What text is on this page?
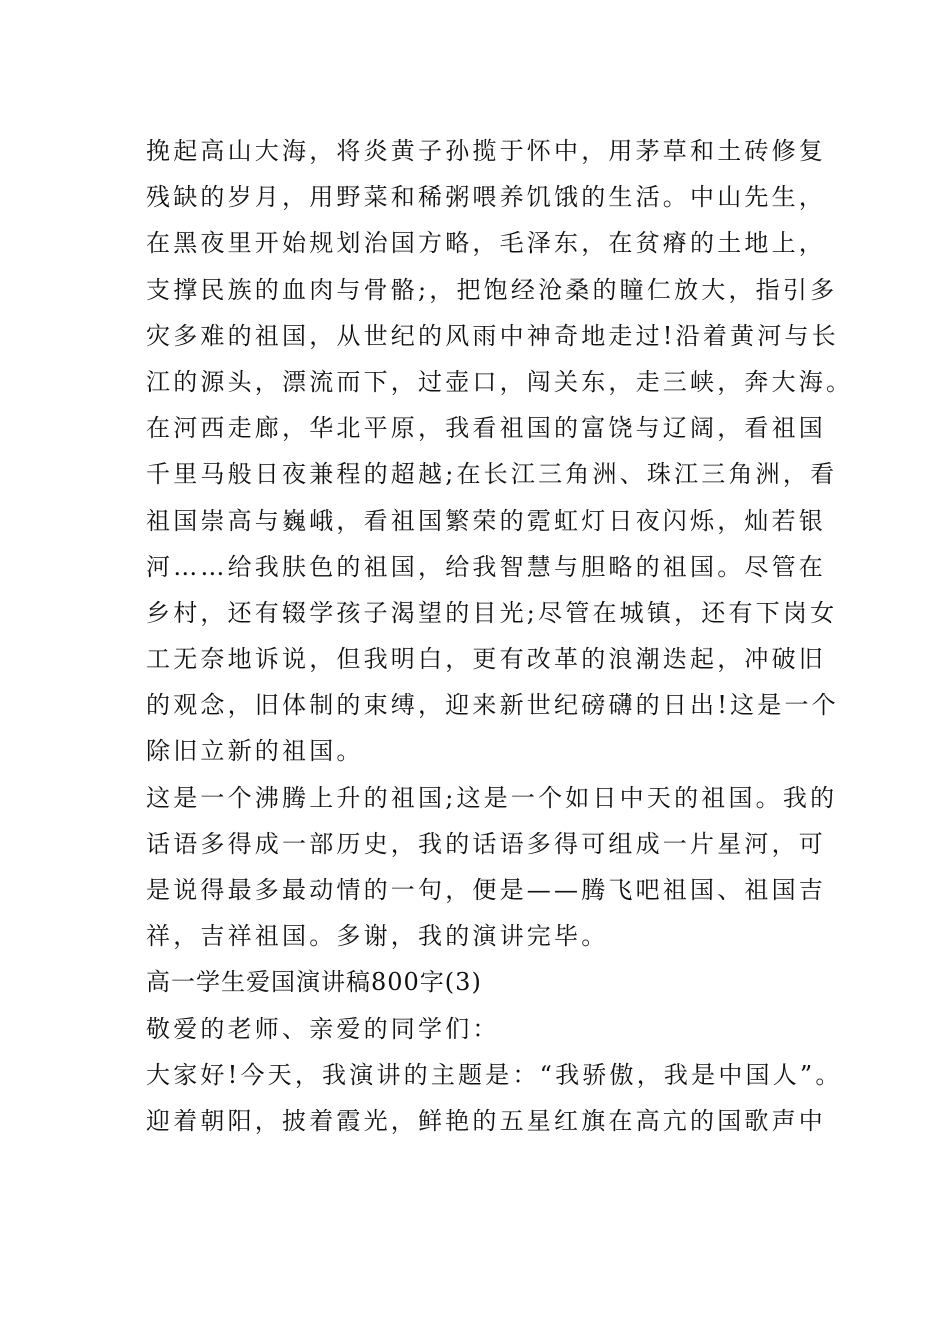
挽起高山大海，将炎黄子孙揽于怀中，用茅草和土砖修复
残缺的岁月，用野菜和稀粥喂养饥饿的生活。中山先生，
在黑夜里开始规划治国方略，毛泽东，在贫瘠的土地上，
支撑民族的血肉与骨骼;，把饱经沧桑的瞳仁放大，指引多
灾多难的祖国，从世纪的风雨中神奇地走过!沿着黄河与长
江的源头，漂流而下，过壶口，闯关东，走三峡，奔大海。
在河西走廊，华北平原，我看祖国的富饶与辽阔，看祖国
千里马般日夜兼程的超越;在长江三角洲、珠江三角洲，看
祖国崇高与巍峨，看祖国繁荣的霓虹灯日夜闪烁，灿若银
河……给我肤色的祖国，给我智慧与胆略的祖国。尽管在
乡村，还有辍学孩子渴望的目光;尽管在城镇，还有下岗女
工无奈地诉说，但我明白，更有改革的浪潮迭起，冲破旧
的观念，旧体制的束缚，迎来新世纪磅礴的日出!这是一个
除旧立新的祖国。
这是一个沸腾上升的祖国;这是一个如日中天的祖国。我的
话语多得成一部历史，我的话语多得可组成一片星河，可
是说得最多最动情的一句，便是——腾飞吧祖国、祖国吉
祥，吉祥祖国。多谢，我的演讲完毕。
高一学生爱国演讲稿800字(3)
敬爱的老师、亲爱的同学们：
大家好!今天，我演讲的主题是：“我骄傲，我是中国人”。
迎着朝阳，披着霞光，鲜艳的五星红旗在高亢的国歌声中
